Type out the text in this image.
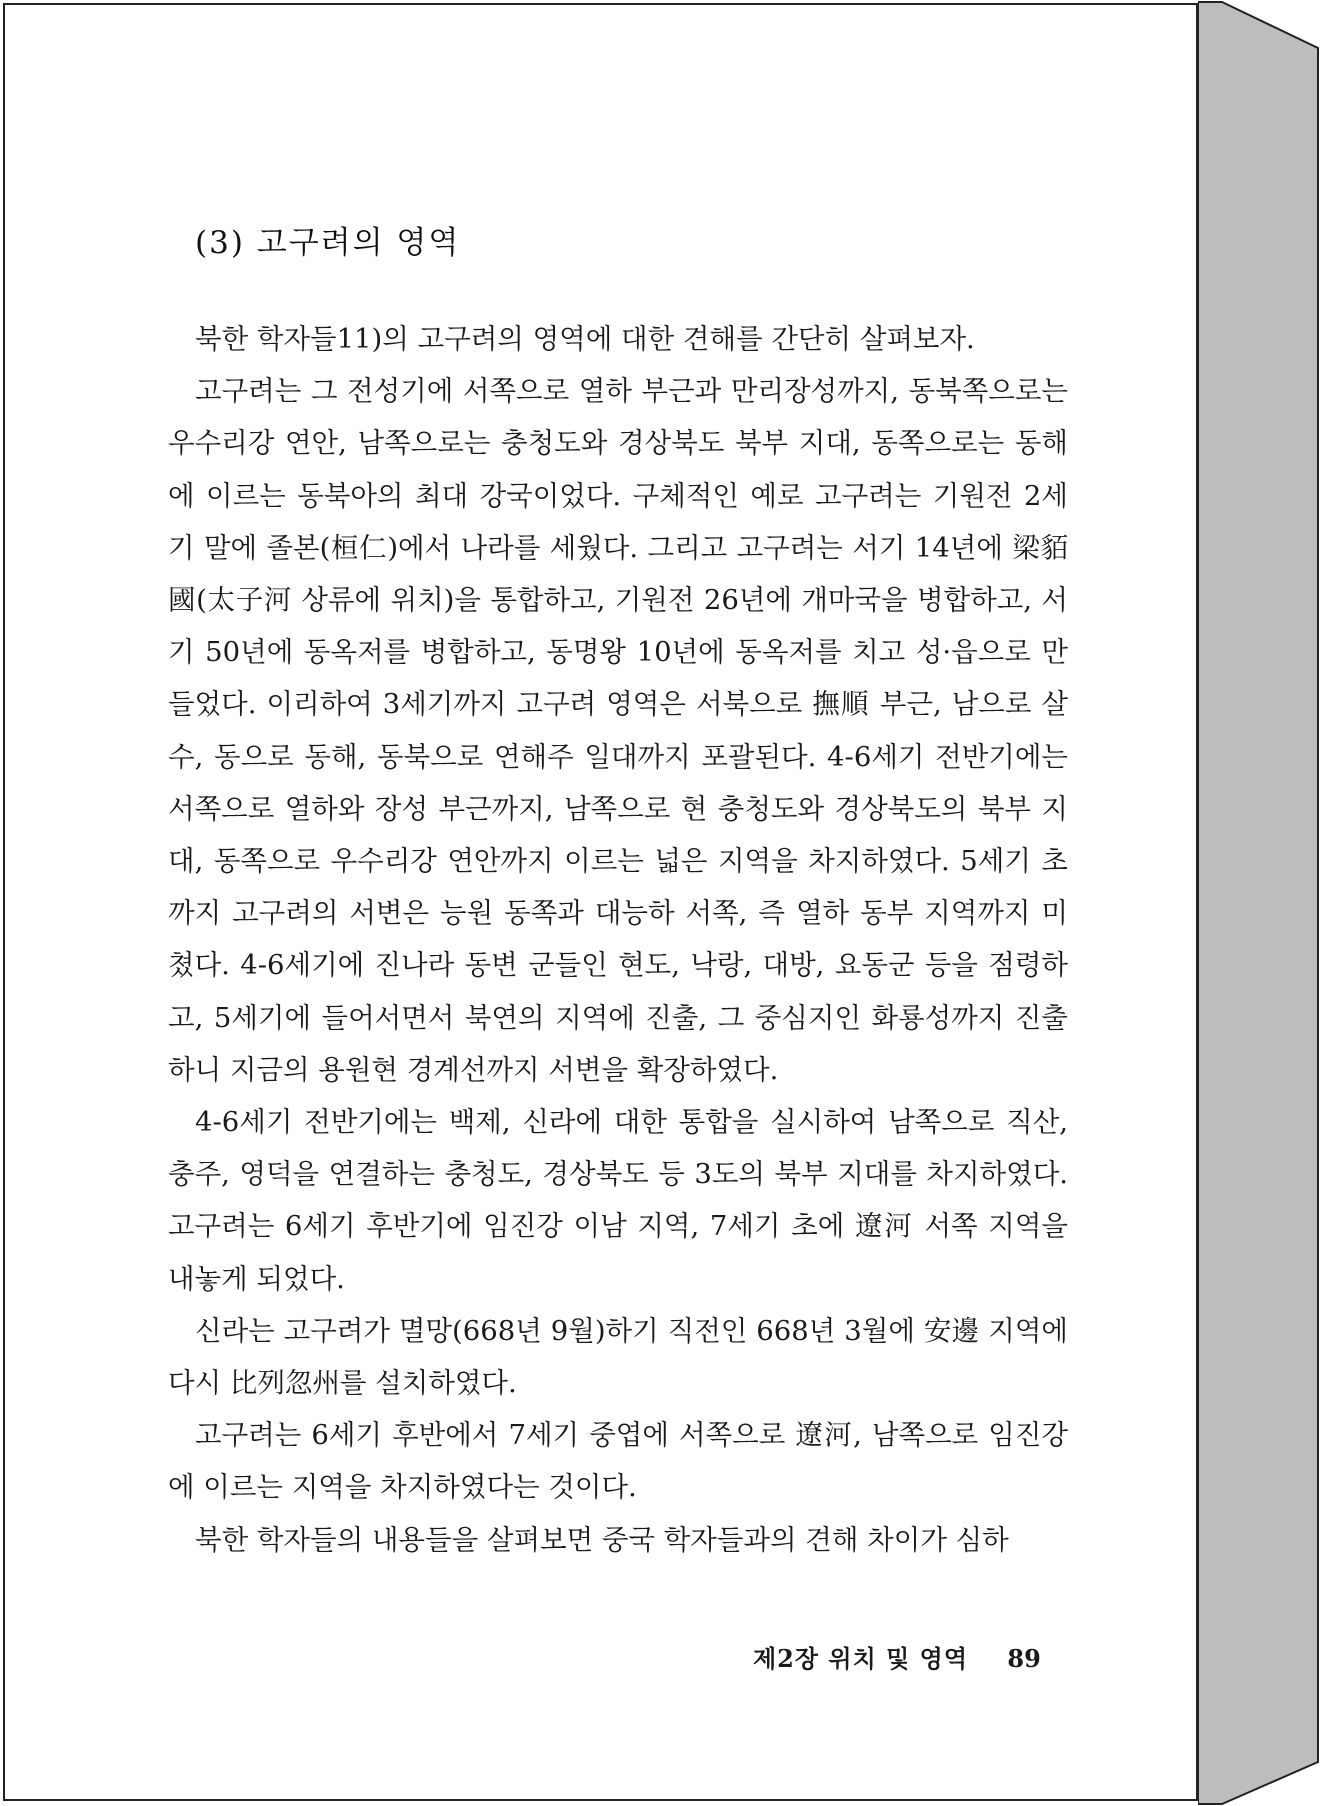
(3) 고구려의 영역

북한 학자들11)의 고구려의 영역에 대한 견해를 간단히 살펴보자.

고구려는 그 전성기에 서쪽으로 열하 부근과 만리장성까지, 동북쪽으로는 우수리강 연안, 남쪽으로는 충청도와 경상북도 북부 지대, 동쪽으로는 동해에 이르는 동북아의 최대 강국이었다. 구체적인 예로 고구려는 기원전 2세기 말에 졸본(桓仁)에서 나라를 세웠다. 그리고 고구려는 서기 14년에 梁貊國(太子河 상류에 위치)을 통합하고, 기원전 26년에 개마국을 병합하고, 서기 50년에 동옥저를 병합하고, 동명왕 10년에 동옥저를 치고 성·읍으로 만들었다. 이리하여 3세기까지 고구려 영역은 서북으로 撫順 부근, 남으로 살수, 동으로 동해, 동북으로 연해주 일대까지 포괄된다. 4-6세기 전반기에는 서쪽으로 열하와 장성 부근까지, 남쪽으로 현 충청도와 경상북도의 북부 지대, 동쪽으로 우수리강 연안까지 이르는 넓은 지역을 차지하였다. 5세기 초까지 고구려의 서변은 능원 동쪽과 대능하 서쪽, 즉 열하 동부 지역까지 미쳤다. 4-6세기에 진나라 동변 군들인 현도, 낙랑, 대방, 요동군 등을 점령하고, 5세기에 들어서면서 북연의 지역에 진출, 그 중심지인 화룡성까지 진출하니 지금의 용원현 경계선까지 서변을 확장하였다.

4-6세기 전반기에는 백제, 신라에 대한 통합을 실시하여 남쪽으로 직산, 충주, 영덕을 연결하는 충청도, 경상북도 등 3도의 북부 지대를 차지하였다. 고구려는 6세기 후반기에 임진강 이남 지역, 7세기 초에 遼河 서쪽 지역을 내놓게 되었다.

신라는 고구려가 멸망(668년 9월)하기 직전인 668년 3월에 安邊 지역에 다시 比列忽州를 설치하였다.

고구려는 6세기 후반에서 7세기 중엽에 서쪽으로 遼河, 남쪽으로 임진강에 이르는 지역을 차지하였다는 것이다.

북한 학자들의 내용들을 살펴보면 중국 학자들과의 견해 차이가 심하

제2장 위치 및 영역 89
